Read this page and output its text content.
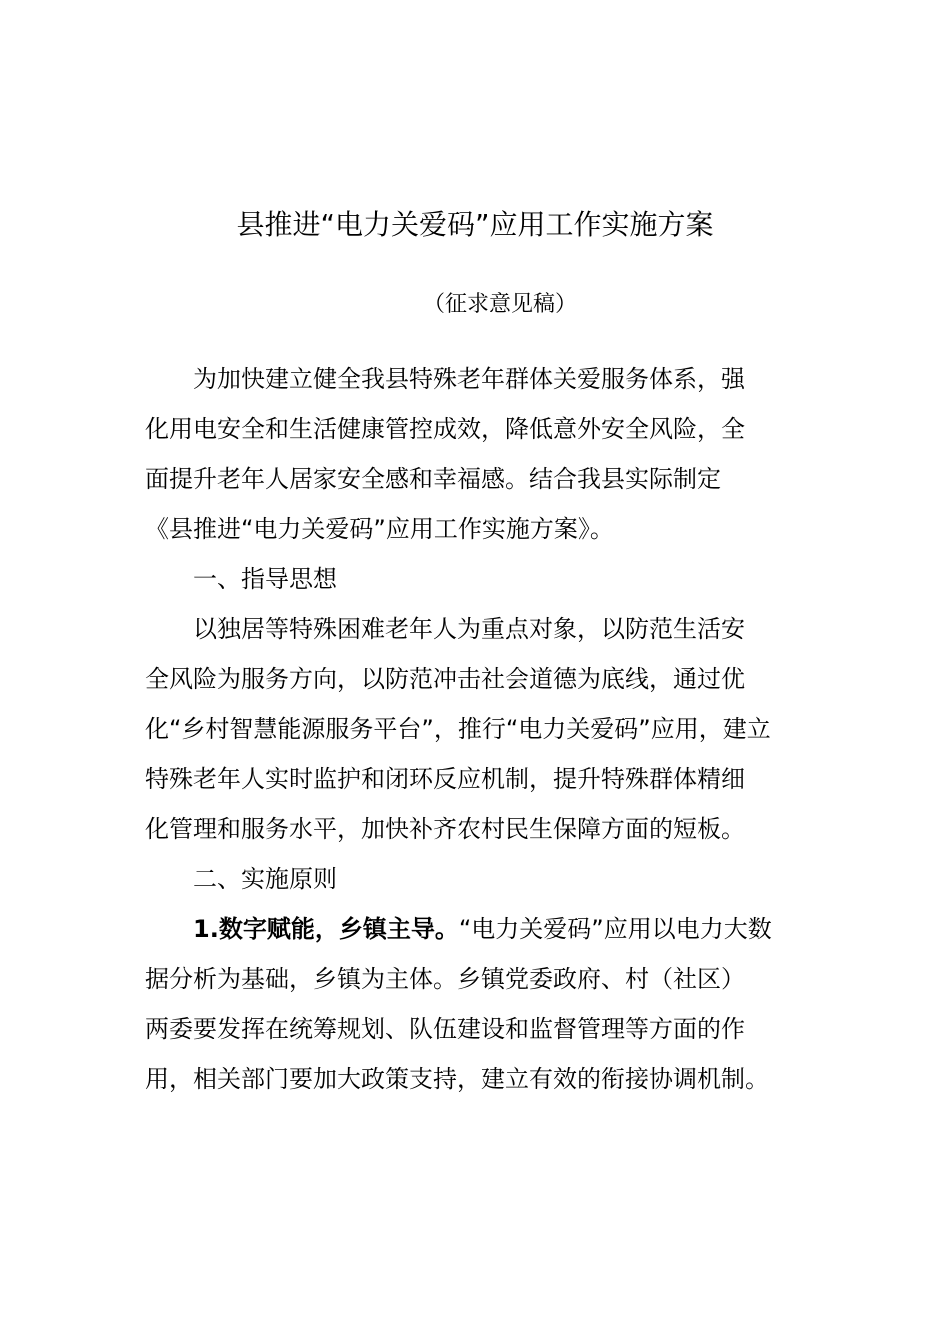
县推进“电力关爱码”应用工作实施方案
（征求意见稿）
　　为加快建立健全我县特殊老年群体关爱服务体系，强
化用电安全和生活健康管控成效，降低意外安全风险，全
面提升老年人居家安全感和幸福感。结合我县实际制定
《县推进“电力关爱码”应用工作实施方案》。
　　一、指导思想
　　以独居等特殊困难老年人为重点对象，以防范生活安
全风险为服务方向，以防范冲击社会道德为底线，通过优
化“乡村智慧能源服务平台”，推行“电力关爱码”应用，建立
特殊老年人实时监护和闭环反应机制，提升特殊群体精细
化管理和服务水平，加快补齐农村民生保障方面的短板。
　　二、实施原则
　　1.数字赋能，乡镇主导。“电力关爱码”应用以电力大数
据分析为基础，乡镇为主体。乡镇党委政府、村（社区）
两委要发挥在统筹规划、队伍建设和监督管理等方面的作
用，相关部门要加大政策支持，建立有效的衔接协调机制。
